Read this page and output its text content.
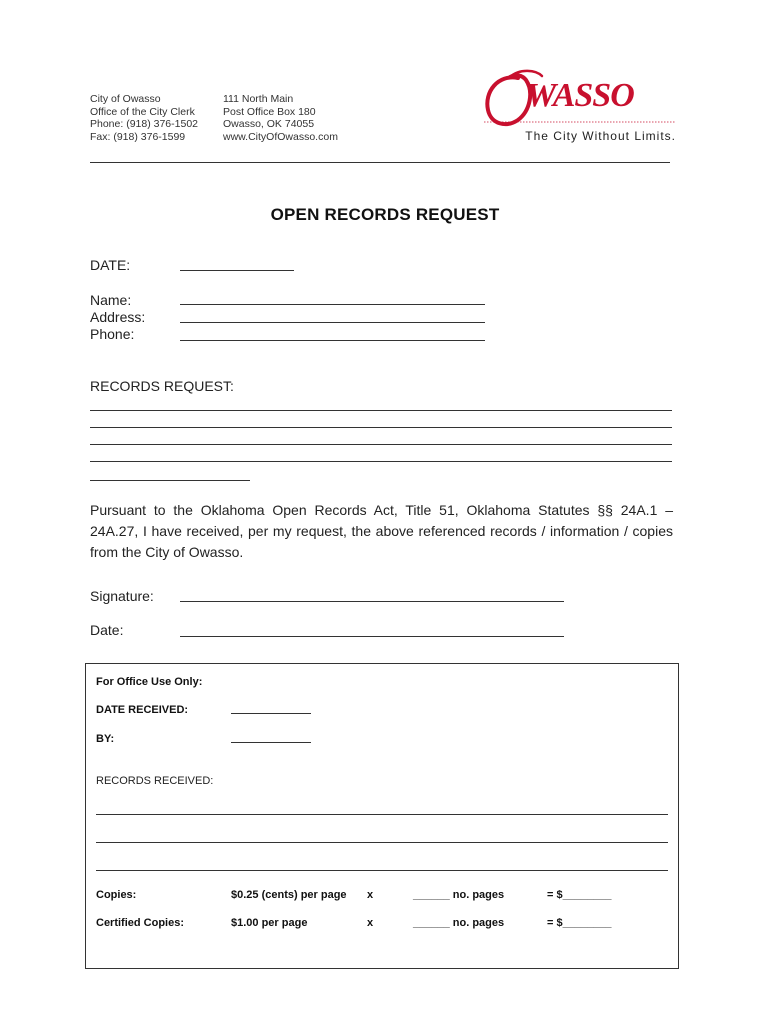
City of Owasso
Office of the City Clerk
Phone: (918) 376-1502
Fax: (918) 376-1599
111 North Main
Post Office Box 180
Owasso, OK 74055
www.CityOfOwasso.com
WASSO
The City Without Limits.
OPEN RECORDS REQUEST
DATE:
Name:
Address:
Phone:
RECORDS REQUEST:
Pursuant to the Oklahoma Open Records Act, Title 51, Oklahoma Statutes §§ 24A.1 – 24A.27, I have received, per my request, the above referenced records / information / copies from the City of Owasso.
Signature:
Date:
For Office Use Only:
DATE RECEIVED:
BY:
RECORDS RECEIVED:
Copies:	$0.25 (cents) per page x	______ no. pages	= $________
Certified Copies:	$1.00 per page	x	______ no. pages	= $________
